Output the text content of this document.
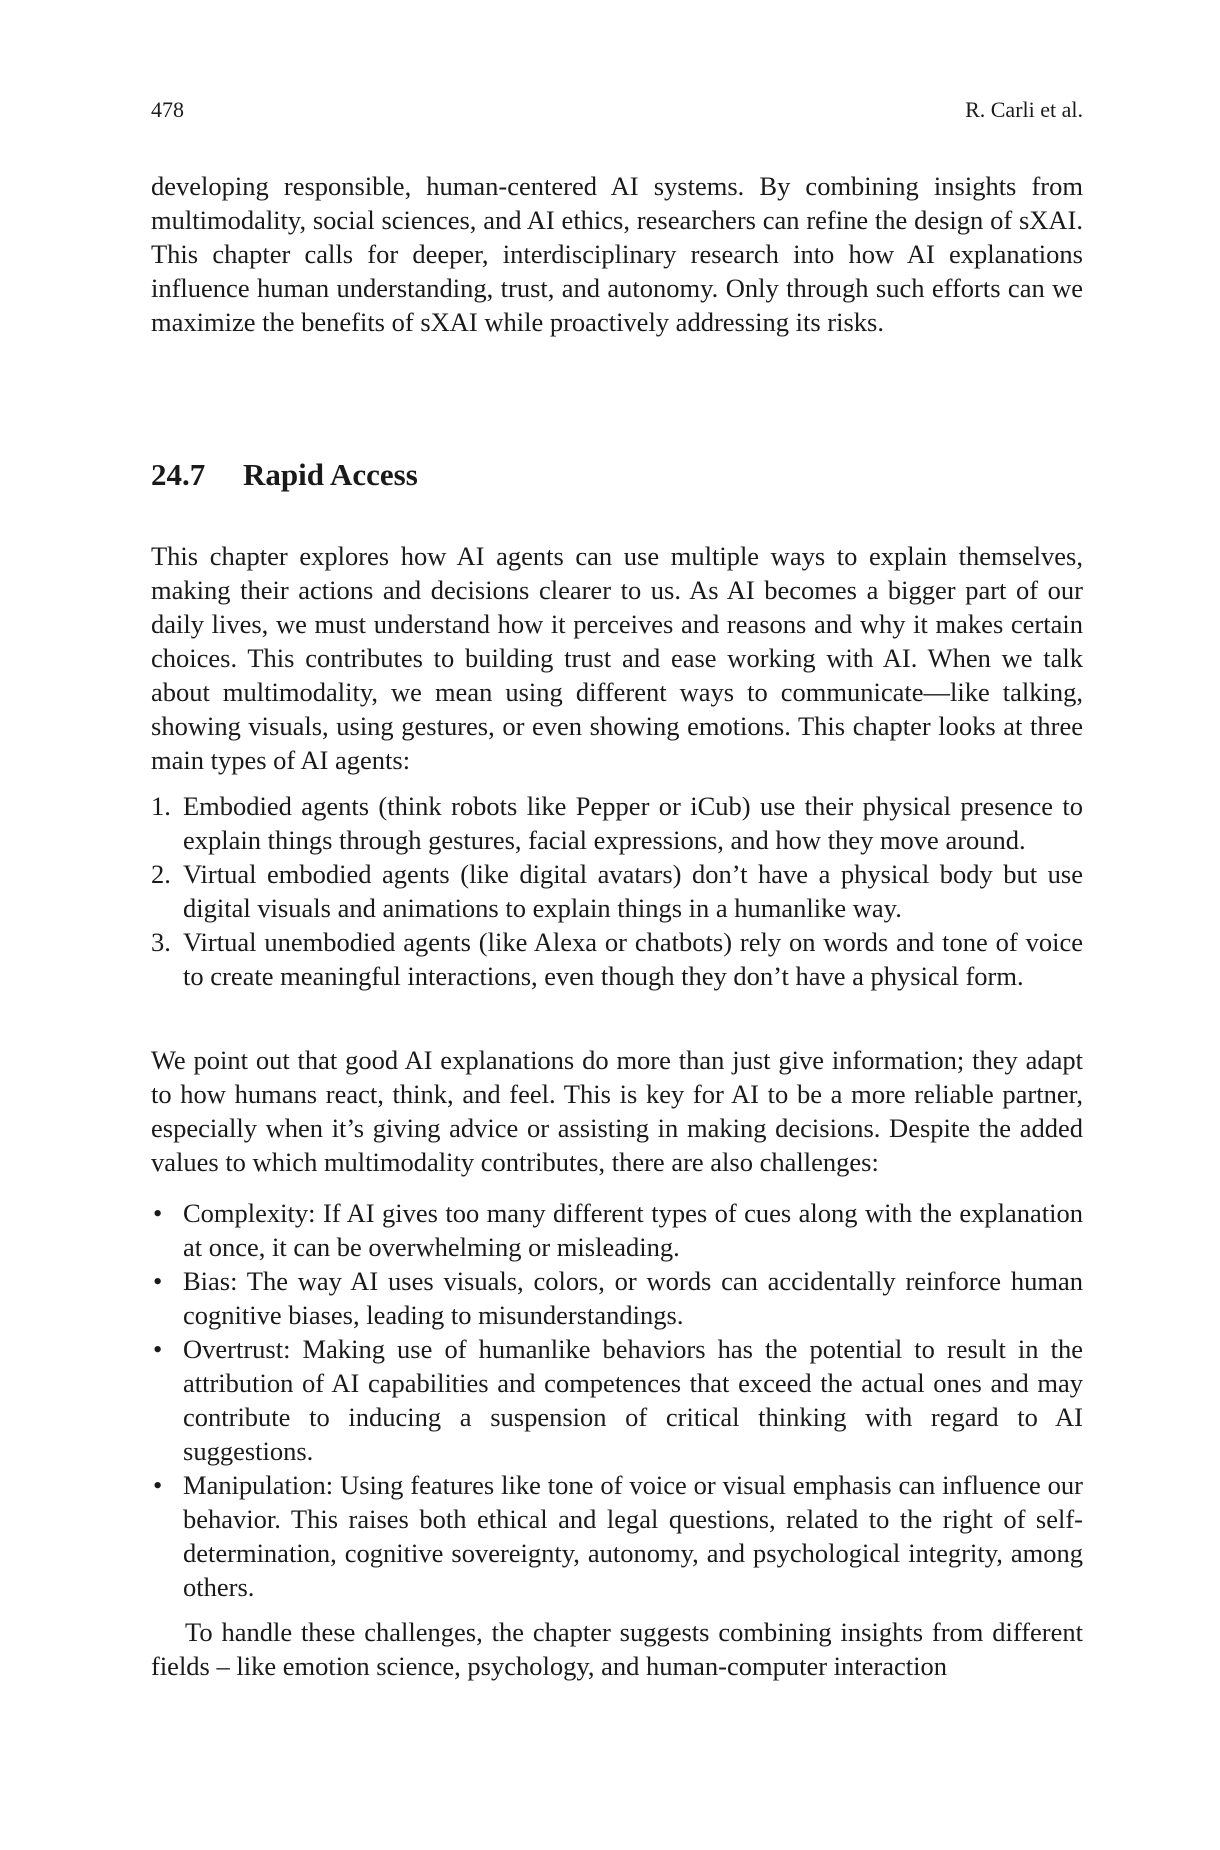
478	R. Carli et al.

developing responsible, human-centered AI systems. By combining insights from multimodality, social sciences, and AI ethics, researchers can refine the design of sXAI. This chapter calls for deeper, interdisciplinary research into how AI explanations influence human understanding, trust, and autonomy. Only through such efforts can we maximize the benefits of sXAI while proactively addressing its risks.

24.7 Rapid Access

This chapter explores how AI agents can use multiple ways to explain themselves, making their actions and decisions clearer to us. As AI becomes a bigger part of our daily lives, we must understand how it perceives and reasons and why it makes certain choices. This contributes to building trust and ease working with AI. When we talk about multimodality, we mean using different ways to communicate—like talking, showing visuals, using gestures, or even showing emotions. This chapter looks at three main types of AI agents:

1. Embodied agents (think robots like Pepper or iCub) use their physical presence to explain things through gestures, facial expressions, and how they move around.
2. Virtual embodied agents (like digital avatars) don’t have a physical body but use digital visuals and animations to explain things in a humanlike way.
3. Virtual unembodied agents (like Alexa or chatbots) rely on words and tone of voice to create meaningful interactions, even though they don’t have a physical form.

We point out that good AI explanations do more than just give information; they adapt to how humans react, think, and feel. This is key for AI to be a more reliable partner, especially when it’s giving advice or assisting in making decisions. Despite the added values to which multimodality contributes, there are also challenges:

• Complexity: If AI gives too many different types of cues along with the explanation at once, it can be overwhelming or misleading.
• Bias: The way AI uses visuals, colors, or words can accidentally reinforce human cognitive biases, leading to misunderstandings.
• Overtrust: Making use of humanlike behaviors has the potential to result in the attribution of AI capabilities and competences that exceed the actual ones and may contribute to inducing a suspension of critical thinking with regard to AI suggestions.
• Manipulation: Using features like tone of voice or visual emphasis can influence our behavior. This raises both ethical and legal questions, related to the right of self-determination, cognitive sovereignty, autonomy, and psychological integrity, among others.

To handle these challenges, the chapter suggests combining insights from different fields – like emotion science, psychology, and human-computer interaction
